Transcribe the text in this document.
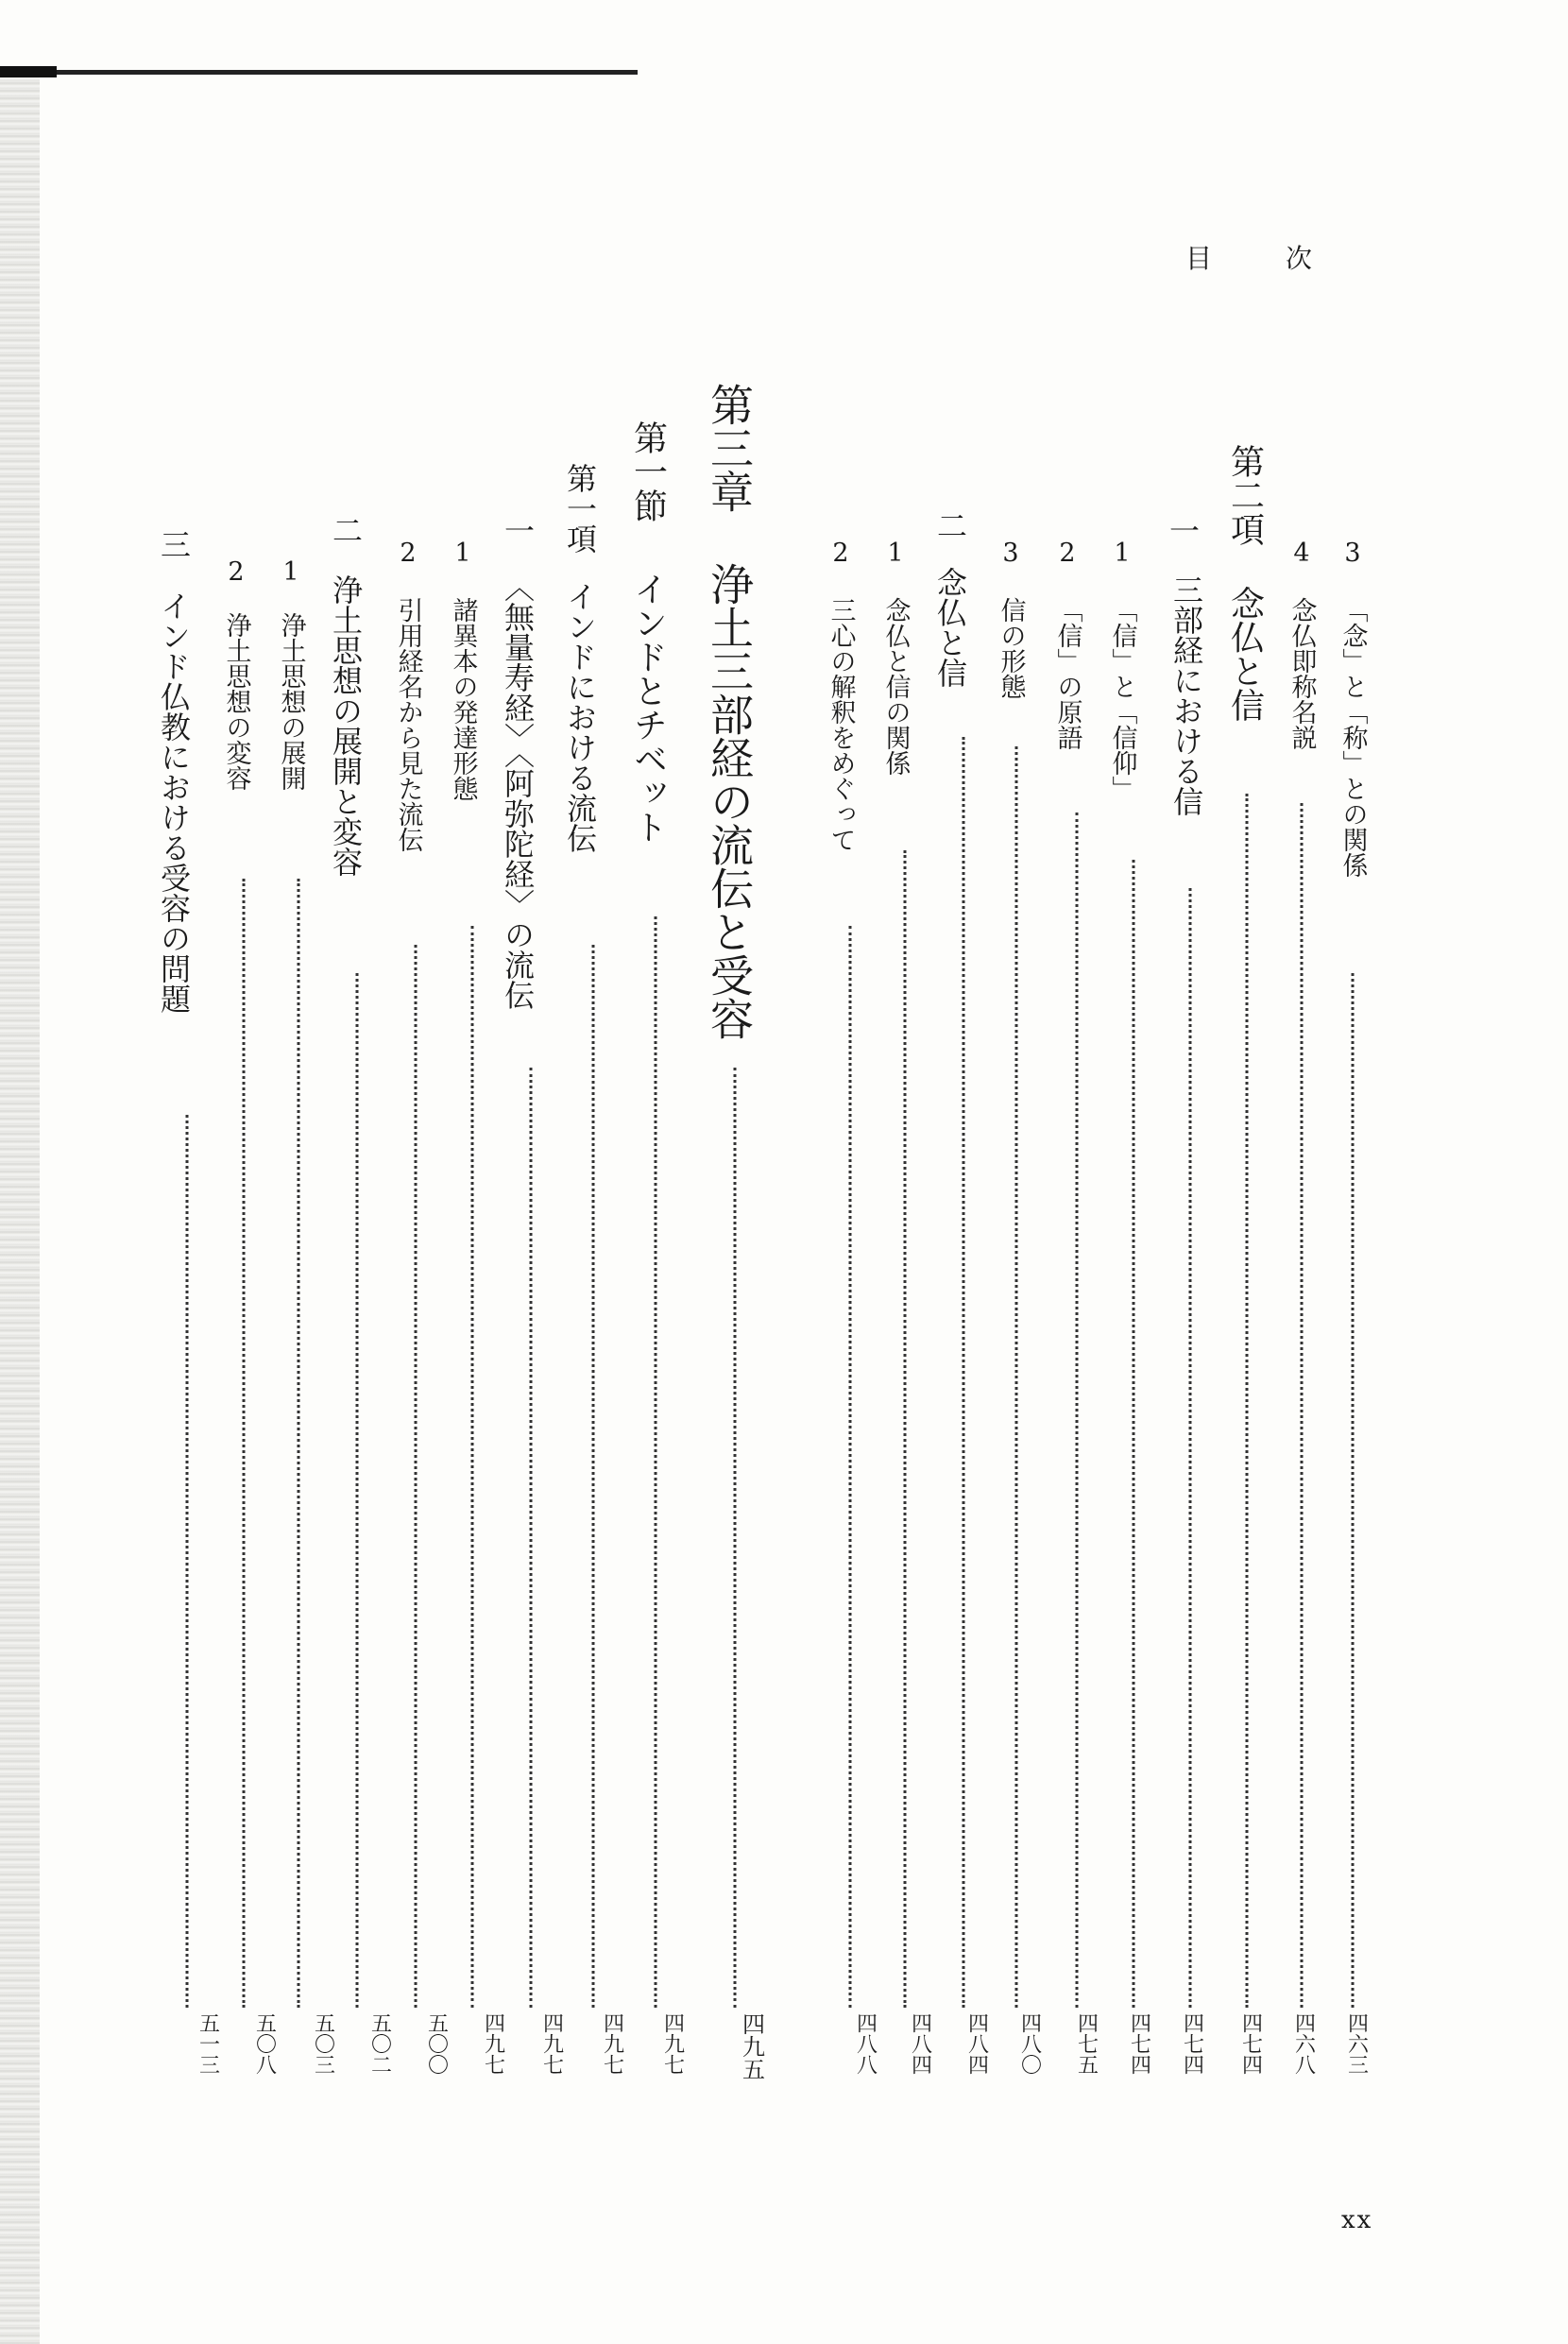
目次
xx
3
「念」と「称」との関係
四六三
4
念仏即称名説
四六八
第二項
念仏と信
四七四
一
三部経における信
四七四
1
「信」と「信仰」
四七四
2
「信」の原語
四七五
3
信の形態
四八〇
二
念仏と信
四八四
1
念仏と信の関係
四八四
2
三心の解釈をめぐって
四八八
第三章
浄土三部経の流伝と受容
四九五
第一節
インドとチベット
四九七
第一項
インドにおける流伝
四九七
一
〈無量寿経〉〈阿弥陀経〉の流伝
四九七
1
諸異本の発達形態
四九七
2
引用経名から見た流伝
五〇〇
二
浄土思想の展開と変容
五〇二
1
浄土思想の展開
五〇三
2
浄土思想の変容
五〇八
三
インド仏教における受容の問題
五一三
